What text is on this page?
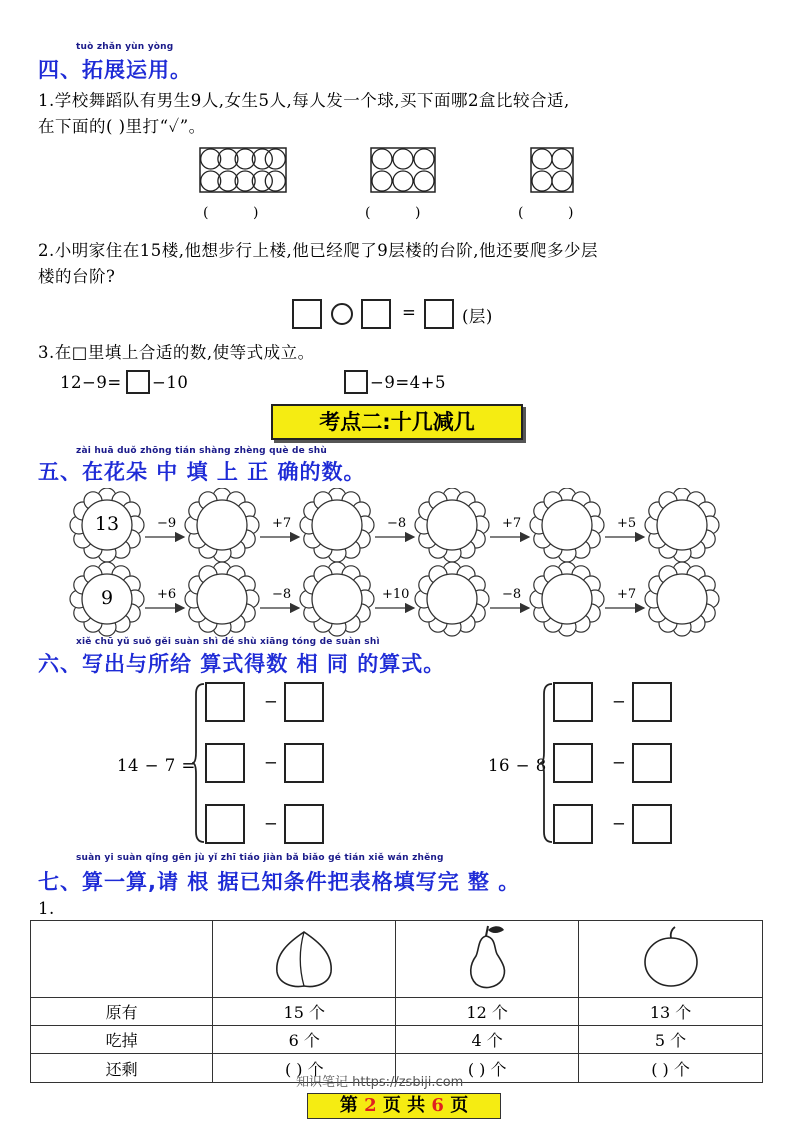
tuò zhǎn yùn yòng
四、拓展运用。
1.学校舞蹈队有男生9人,女生5人,每人发一个球,买下面哪2盒比较合适,
在下面的( )里打“✓”。
(          )	(          )	(          )
2.小明家住在15楼,他想步行上楼,他已经爬了9层楼的台阶,他还要爬多少层
楼的台阶?
=	(层)
3.在□里填上合适的数,使等式成立。
12−9= −10	−9=4+5
考点二:十几减几
zài huā duǒ zhōng tián shàng zhèng què de shù
五、在花朵 中 填 上 正 确的数。
13
9
−9	+7	−8	+7	+5
+6	−8	+10	−8	+7
xiě chū yǔ suǒ gěi suàn shì dé shù xiāng tóng de suàn shì
六、写出与所给 算式得数 相 同 的算式。
14 − 7 =
−
−
−
16 − 8
−
−
−
suàn yi suàn qǐng gēn jù yǐ zhī tiáo jiàn bǎ biǎo gé tián xiě wán zhěng
七、算一算,请 根 据已知条件把表格填写完 整 。
1.

原有	15 个	12 个	13 个
吃掉	6 个	4 个	5 个
还剩	( ) 个	( ) 个	( ) 个
知识笔记 https://zsbiji.com
第 2 页 共 6 页
